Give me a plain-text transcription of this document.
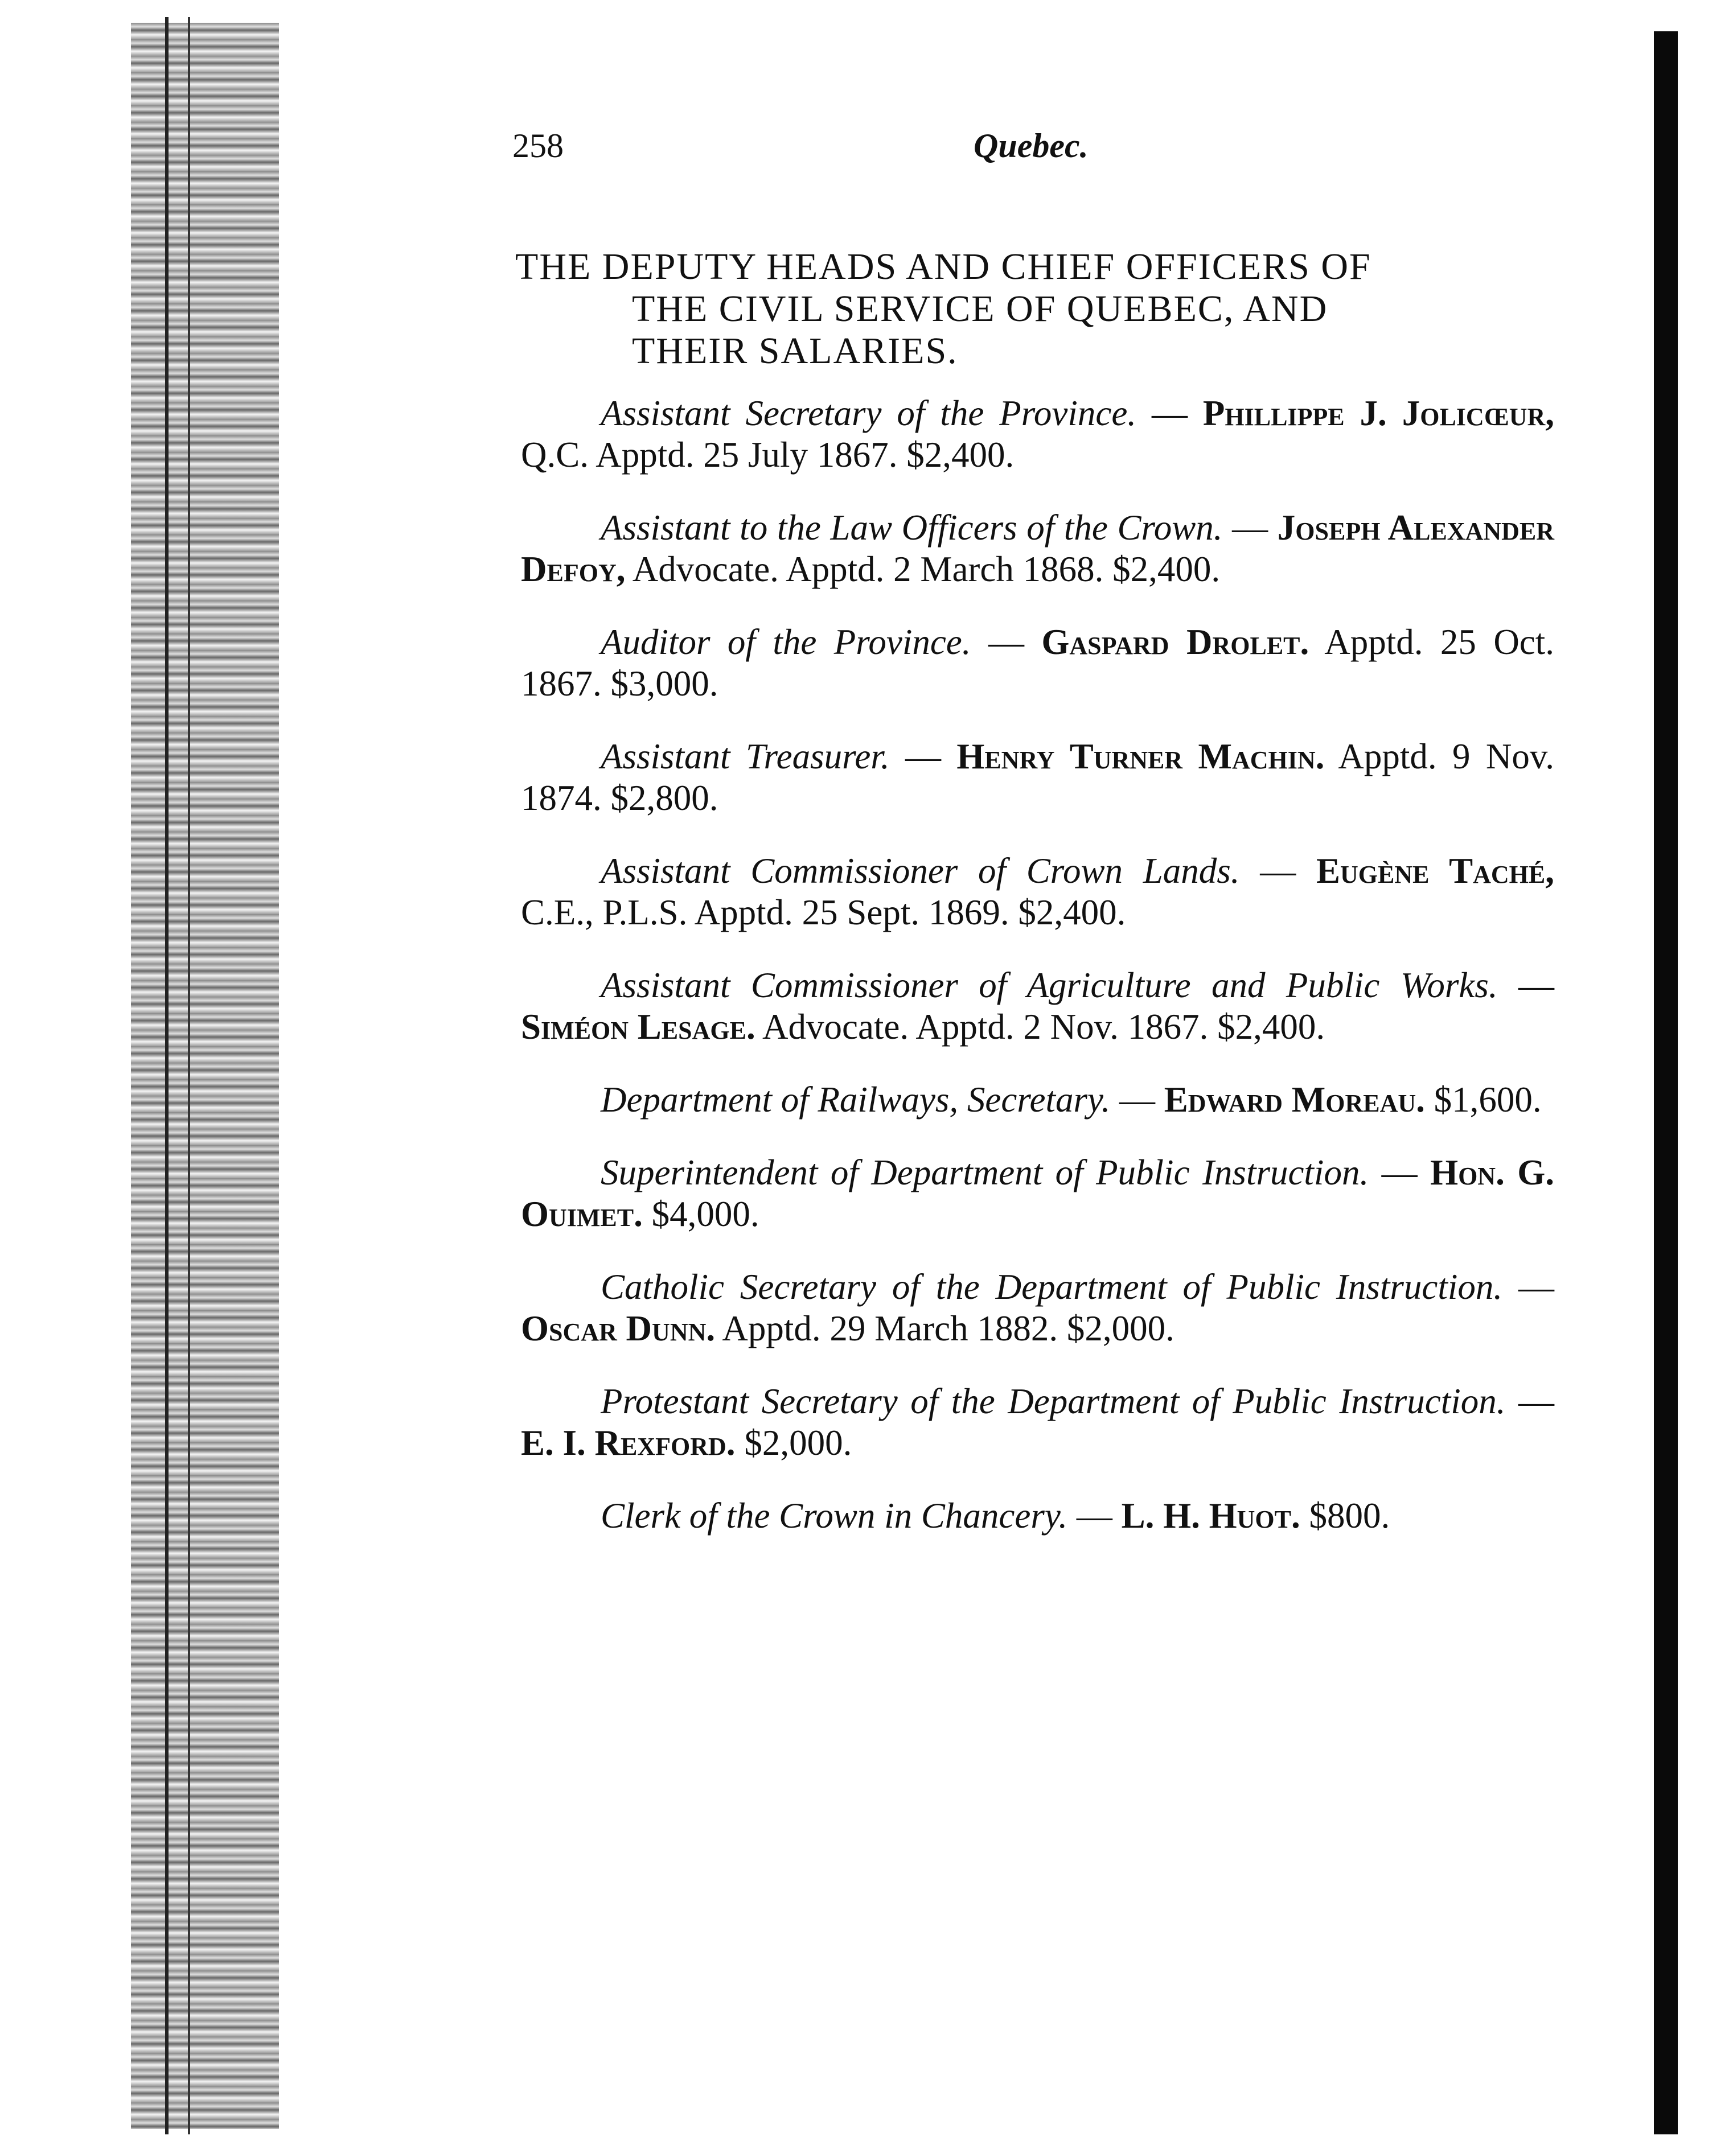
258	Quebec.
THE DEPUTY HEADS AND CHIEF OFFICERS OF
THE CIVIL SERVICE OF QUEBEC, AND
THEIR SALARIES.

Assistant Secretary of the Province. — Phillippe J. Jolicœur, Q.C. Apptd. 25 July 1867. $2,400.

Assistant to the Law Officers of the Crown. — Joseph Alexander Defoy, Advocate. Apptd. 2 March 1868. $2,400.

Auditor of the Province. — Gaspard Drolet. Apptd. 25 Oct. 1867. $3,000.

Assistant Treasurer. — Henry Turner Machin. Apptd. 9 Nov. 1874. $2,800.

Assistant Commissioner of Crown Lands. — Eugène Taché, C.E., P.L.S. Apptd. 25 Sept. 1869. $2,400.

Assistant Commissioner of Agriculture and Public Works. — Siméon Lesage. Advocate. Apptd. 2 Nov. 1867. $2,400.

Department of Railways, Secretary. — Edward Moreau. $1,600.

Superintendent of Department of Public Instruction. — Hon. G. Ouimet. $4,000.

Catholic Secretary of the Department of Public Instruction. — Oscar Dunn. Apptd. 29 March 1882. $2,000.

Protestant Secretary of the Department of Public Instruction. — E. I. Rexford. $2,000.

Clerk of the Crown in Chancery. — L. H. Huot. $800.
